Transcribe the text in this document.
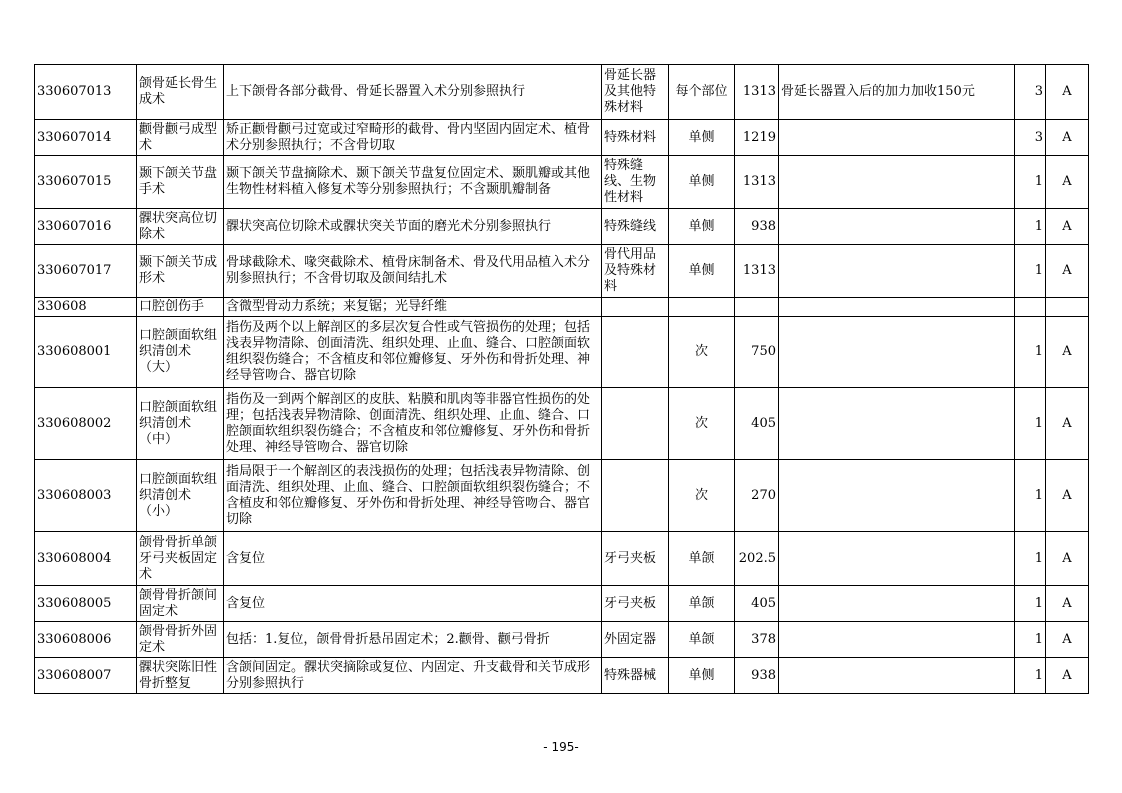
330607013	颌骨延长骨生成术	上下颌骨各部分截骨、骨延长器置入术分别参照执行	骨延长器及其他特殊材料	每个部位	1313	骨延长器置入后的加力加收150元	3	A
330607014	颧骨颧弓成型术	矫正颧骨颧弓过宽或过窄畸形的截骨、骨内坚固内固定术、植骨术分别参照执行；不含骨切取	特殊材料	单侧	1219		3	A
330607015	颞下颌关节盘手术	颞下颌关节盘摘除术、颞下颌关节盘复位固定术、颞肌瓣或其他生物性材料植入修复术等分别参照执行；不含颞肌瓣制备	特殊缝线、生物性材料	单侧	1313		1	A
330607016	髁状突高位切除术	髁状突高位切除术或髁状突关节面的磨光术分别参照执行	特殊缝线	单侧	938		1	A
330607017	颞下颌关节成形术	骨球截除术、喙突截除术、植骨床制备术、骨及代用品植入术分别参照执行；不含骨切取及颌间结扎术	骨代用品及特殊材料	单侧	1313		1	A
330608	口腔创伤手	含微型骨动力系统；来复锯；光导纤维						
330608001	口腔颌面软组织清创术（大）	指伤及两个以上解剖区的多层次复合性或气管损伤的处理；包括浅表异物清除、创面清洗、组织处理、止血、缝合、口腔颌面软组织裂伤缝合；不含植皮和邻位瓣修复、牙外伤和骨折处理、神经导管吻合、器官切除		次	750		1	A
330608002	口腔颌面软组织清创术（中）	指伤及一到两个解剖区的皮肤、粘膜和肌肉等非器官性损伤的处理；包括浅表异物清除、创面清洗、组织处理、止血、缝合、口腔颌面软组织裂伤缝合；不含植皮和邻位瓣修复、牙外伤和骨折处理、神经导管吻合、器官切除		次	405		1	A
330608003	口腔颌面软组织清创术（小）	指局限于一个解剖区的表浅损伤的处理；包括浅表异物清除、创面清洗、组织处理、止血、缝合、口腔颌面软组织裂伤缝合；不含植皮和邻位瓣修复、牙外伤和骨折处理、神经导管吻合、器官切除		次	270		1	A
330608004	颌骨骨折单颌牙弓夹板固定术	含复位	牙弓夹板	单颌	202.5		1	A
330608005	颌骨骨折颌间固定术	含复位	牙弓夹板	单颌	405		1	A
330608006	颌骨骨折外固定术	包括：1.复位，颌骨骨折悬吊固定术；2.颧骨、颧弓骨折	外固定器	单颌	378		1	A
330608007	髁状突陈旧性骨折整复	含颌间固定。髁状突摘除或复位、内固定、升支截骨和关节成形分别参照执行	特殊器械	单侧	938		1	A
- 195-
